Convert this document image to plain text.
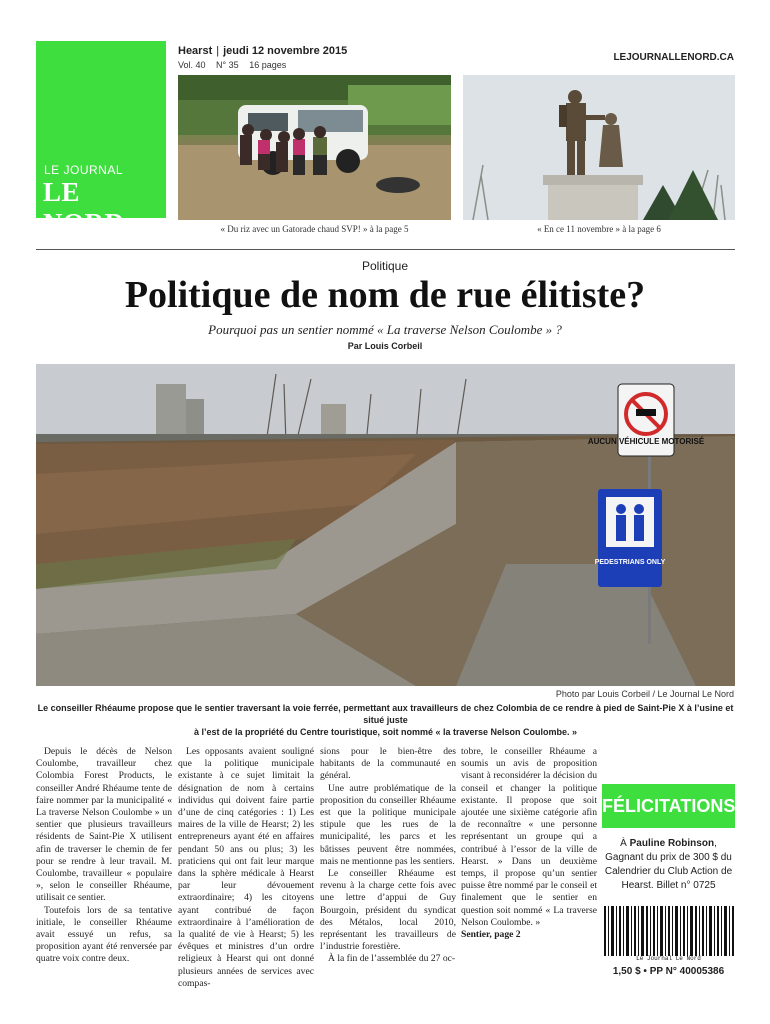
LE JOURNAL
LE NORD
Hearst | jeudi 12 novembre 2015
Vol. 40 N° 35 16 pages
LEJOURNALLENORD.CA
« Du riz avec un Gatorade chaud SVP! » à la page 5	« En ce 11 novembre » à la page 6
Politique
Politique de nom de rue élitiste?
Pourquoi pas un sentier nommé « La traverse Nelson Coulombe » ?
Par Louis Corbeil
AUCUN VÉHICULE MOTORISÉ
PEDESTRIANS ONLY
Photo par Louis Corbeil / Le Journal Le Nord
Le conseiller Rhéaume propose que le sentier traversant la voie ferrée, permettant aux travailleurs de chez Colombia de ce rendre à pied de Saint-Pie X à l’usine et situé juste
à l’est de la propriété du Centre touristique, soit nommé « la traverse Nelson Coulombe. »

Depuis le décès de Nelson Coulombe, travailleur chez Colombia Forest Products, le conseiller André Rhéaume tente de faire nommer par la municipalité « La traverse Nelson Coulombe » un sentier que plusieurs travailleurs résidents de Saint-Pie X utilisent afin de traverser le chemin de fer pour se rendre à leur travail. M. Coulombe, travailleur « populaire », selon le conseiller Rhéaume, utilisait ce sentier.

Toutefois lors de sa tentative initiale, le conseiller Rhéaume avait essuyé un refus, sa proposition ayant été renversée par quatre voix contre deux.

Les opposants avaient souligné que la politique municipale existante à ce sujet limitait la désignation de nom à certains individus qui doivent faire partie d’une de cinq catégories : 1) Les maires de la ville de Hearst; 2) les entrepreneurs ayant été en affaires pendant 50 ans ou plus; 3) les praticiens qui ont fait leur marque dans la sphère médicale à Hearst par leur dévouement extraordinaire; 4) les citoyens ayant contribué de façon extraordinaire à l’amélioration de la qualité de vie à Hearst; 5) les évêques et ministres d’un ordre religieux à Hearst qui ont donné plusieurs années de services avec compas-

sions pour le bien-être des habitants de la communauté en général.

Une autre problématique de la proposition du conseiller Rhéaume est que la politique municipale stipule que les rues de la municipalité, les parcs et les bâtisses peuvent être nommées, mais ne mentionne pas les sentiers.

Le conseiller Rhéaume est revenu à la charge cette fois avec une lettre d’appui de Guy Bourgoin, président du syndicat des Métalos, local 2010, représentant les travailleurs de l’industrie forestière.

À la fin de l’assemblée du 27 oc-

tobre, le conseiller Rhéaume a soumis un avis de proposition visant à reconsidérer la décision du conseil et changer la politique existante. Il propose que soit ajoutée une sixième catégorie afin de reconnaître « une personne représentant un groupe qui a contribué à l’essor de la ville de Hearst. » Dans un deuxième temps, il propose qu’un sentier puisse être nommé par le conseil et finalement que le sentier en question soit nommé « La traverse Nelson Coulombe. »

Sentier, page 2

FÉLICITATIONS
À Pauline Robinson,
Gagnant du prix de 300 $ du Calendrier du Club Action de Hearst. Billet n° 0725
Le Journal Le Nord
1,50 $ • PP N° 40005386
